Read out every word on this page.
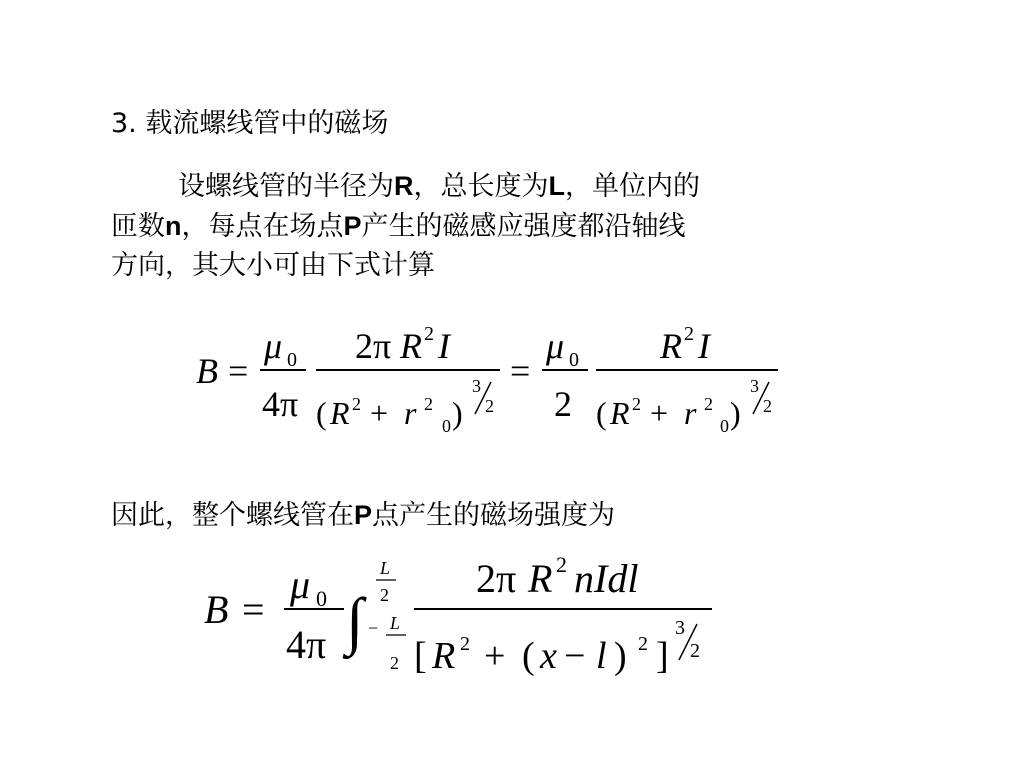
3. 载流螺线管中的磁场
设螺线管的半径为R，总长度为L，单位内的
匝数n，每点在场点P产生的磁感应强度都沿轴线
方向，其大小可由下式计算
B =
μ 0
4π
2π R 2 I
( R 2 + r 2
0 )
3
2
=
μ 0
2
R 2 I
( R 2 + r 2
0 )
3
2
因此，整个螺线管在P点产生的磁场强度为
B =
μ 0
4π ∫
L
2
− L
2
2π R 2 nIdl
[ R 2 + ( x − l ) 2 ]
3
2
